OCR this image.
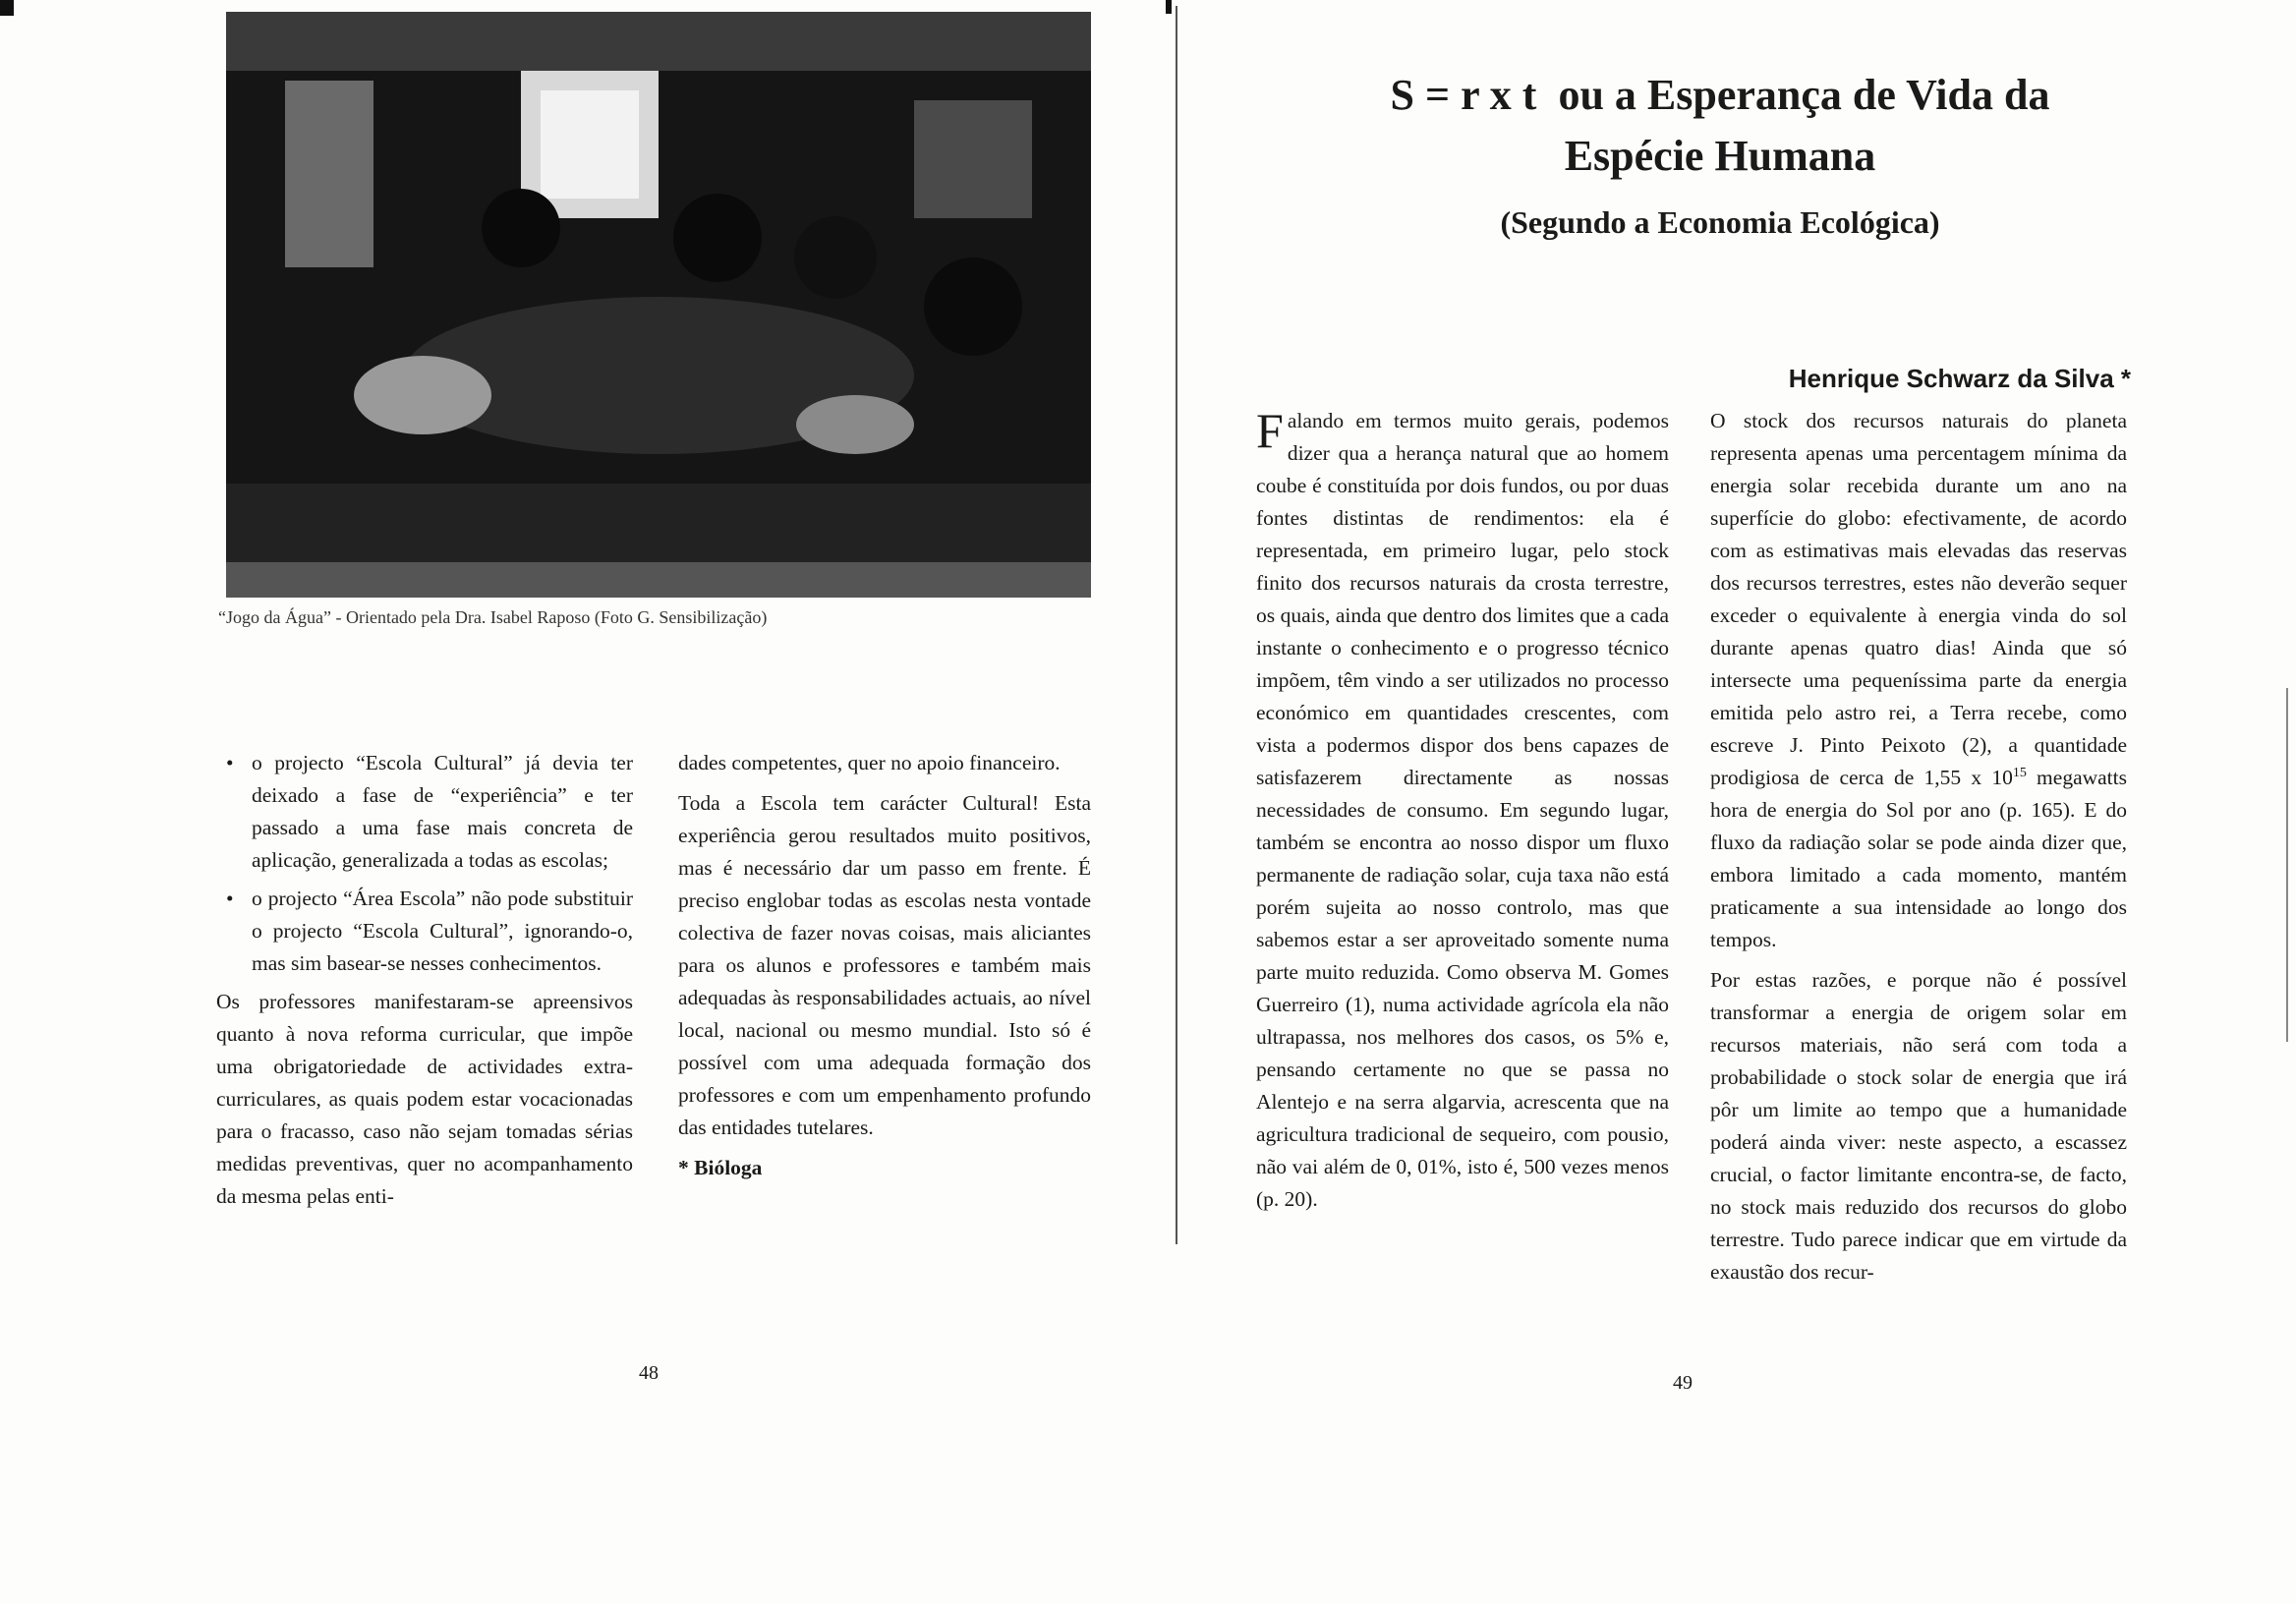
“Jogo da Água” - Orientado pela Dra. Isabel Raposo (Foto G. Sensibilização)
• o projecto “Escola Cultural” já devia ter deixado a fase de “experiência” e ter passado a uma fase mais concreta de aplicação, generalizada a todas as escolas;
• o projecto “Área Escola” não pode substituir o projecto “Escola Cultural”, ignorando-o, mas sim basear-se nesses conhecimentos.

Os professores manifestaram-se apreensivos quanto à nova reforma curricular, que impõe uma obrigatoriedade de actividades extra-curriculares, as quais podem estar vocacionadas para o fracasso, caso não sejam tomadas sérias medidas preventivas, quer no acompanhamento da mesma pelas enti-

dades competentes, quer no apoio financeiro.

Toda a Escola tem carácter Cultural! Esta experiência gerou resultados muito positivos, mas é necessário dar um passo em frente. É preciso englobar todas as escolas nesta vontade colectiva de fazer novas coisas, mais aliciantes para os alunos e professores e também mais adequadas às responsabilidades actuais, ao nível local, nacional ou mesmo mundial. Isto só é possível com uma adequada formação dos professores e com um empenhamento profundo das entidades tutelares.

* Bióloga

48
S = r x t  ou a Esperança de Vida da
Espécie Humana
(Segundo a Economia Ecológica)
Henrique Schwarz da Silva *

Falando em termos muito gerais, podemos dizer qua a herança natural que ao homem coube é constituída por dois fundos, ou por duas fontes distintas de rendimentos: ela é representada, em primeiro lugar, pelo stock finito dos recursos naturais da crosta terrestre, os quais, ainda que dentro dos limites que a cada instante o conhecimento e o progresso técnico impõem, têm vindo a ser utilizados no processo económico em quantidades crescentes, com vista a podermos dispor dos bens capazes de satisfazerem directamente as nossas necessidades de consumo. Em segundo lugar, também se encontra ao nosso dispor um fluxo permanente de radiação solar, cuja taxa não está porém sujeita ao nosso controlo, mas que sabemos estar a ser aproveitado somente numa parte muito reduzida. Como observa M. Gomes Guerreiro (1), numa actividade agrícola ela não ultrapassa, nos melhores dos casos, os 5% e, pensando certamente no que se passa no Alentejo e na serra algarvia, acrescenta que na agricultura tradicional de sequeiro, com pousio, não vai além de 0, 01%, isto é, 500 vezes menos (p. 20).

O stock dos recursos naturais do planeta representa apenas uma percentagem mínima da energia solar recebida durante um ano na superfície do globo: efectivamente, de acordo com as estimativas mais elevadas das reservas dos recursos terrestres, estes não deverão sequer exceder o equivalente à energia vinda do sol durante apenas quatro dias! Ainda que só intersecte uma pequeníssima parte da energia emitida pelo astro rei, a Terra recebe, como escreve J. Pinto Peixoto (2), a quantidade prodigiosa de cerca de 1,55 x $10^{15}$ megawatts hora de energia do Sol por ano (p. 165). E do fluxo da radiação solar se pode ainda dizer que, embora limitado a cada momento, mantém praticamente a sua intensidade ao longo dos tempos.

Por estas razões, e porque não é possível transformar a energia de origem solar em recursos materiais, não será com toda a probabilidade o stock solar de energia que irá pôr um limite ao tempo que a humanidade poderá ainda viver: neste aspecto, a escassez crucial, o factor limitante encontra-se, de facto, no stock mais reduzido dos recursos do globo terrestre. Tudo parece indicar que em virtude da exaustão dos recur-

49
